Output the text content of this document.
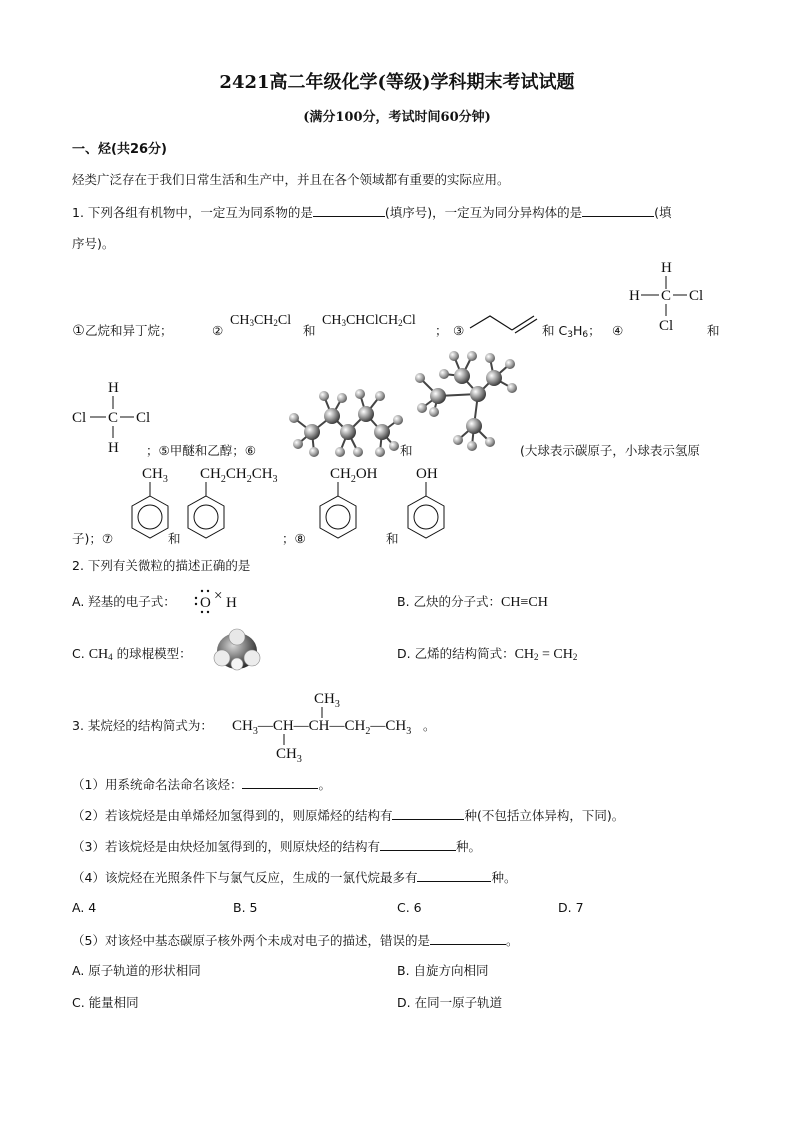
2421高二年级化学(等级)学科期末考试试题
(满分100分，考试时间60分钟)
一、烃(共26分)
烃类广泛存在于我们日常生活和生产中，并且在各个领域都有重要的实际应用。
1. 下列各组有机物中，一定互为同系物的是	(填序号)，一定互为同分异构体的是	(填
序号)。
①乙烷和异丁烷；	②
$CH_3CH_2Cl$
和
$CH_3CHClCH_2Cl$
； ③	和 $C_3H_6$； ④
H
H C Cl
Cl	和
H
Cl C Cl
H ；⑤甲醚和乙醇；⑥	和	(大球表示碳原子，小球表示氢原
子)；⑦
$CH_3$
和
$CH_2CH_2CH_3$
；⑧
$CH_2OH$
和
OH
2. 下列有关微粒的描述正确的是
A. 羟基的电子式： O × H	B. 乙炔的分子式：CH≡CH
C. $CH_4$ 的球棍模型：	D. 乙烯的结构简式：$CH_2 = CH_2$
3. 某烷烃的结构简式为：
$CH_3$
$CH_3—CH—CH—CH_2—CH_3$
$CH_3$
。
（1）用系统命名法命名该烃：	。
（2）若该烷烃是由单烯烃加氢得到的，则原烯烃的结构有	种(不包括立体异构，下同)。
（3）若该烷烃是由炔烃加氢得到的，则原炔烃的结构有	种。
（4）该烷烃在光照条件下与氯气反应，生成的一氯代烷最多有	种。
A. 4	B. 5	C. 6	D. 7
（5）对该烃中基态碳原子核外两个未成对电子的描述，错误的是	。
A. 原子轨道的形状相同	B. 自旋方向相同
C. 能量相同	D. 在同一原子轨道
